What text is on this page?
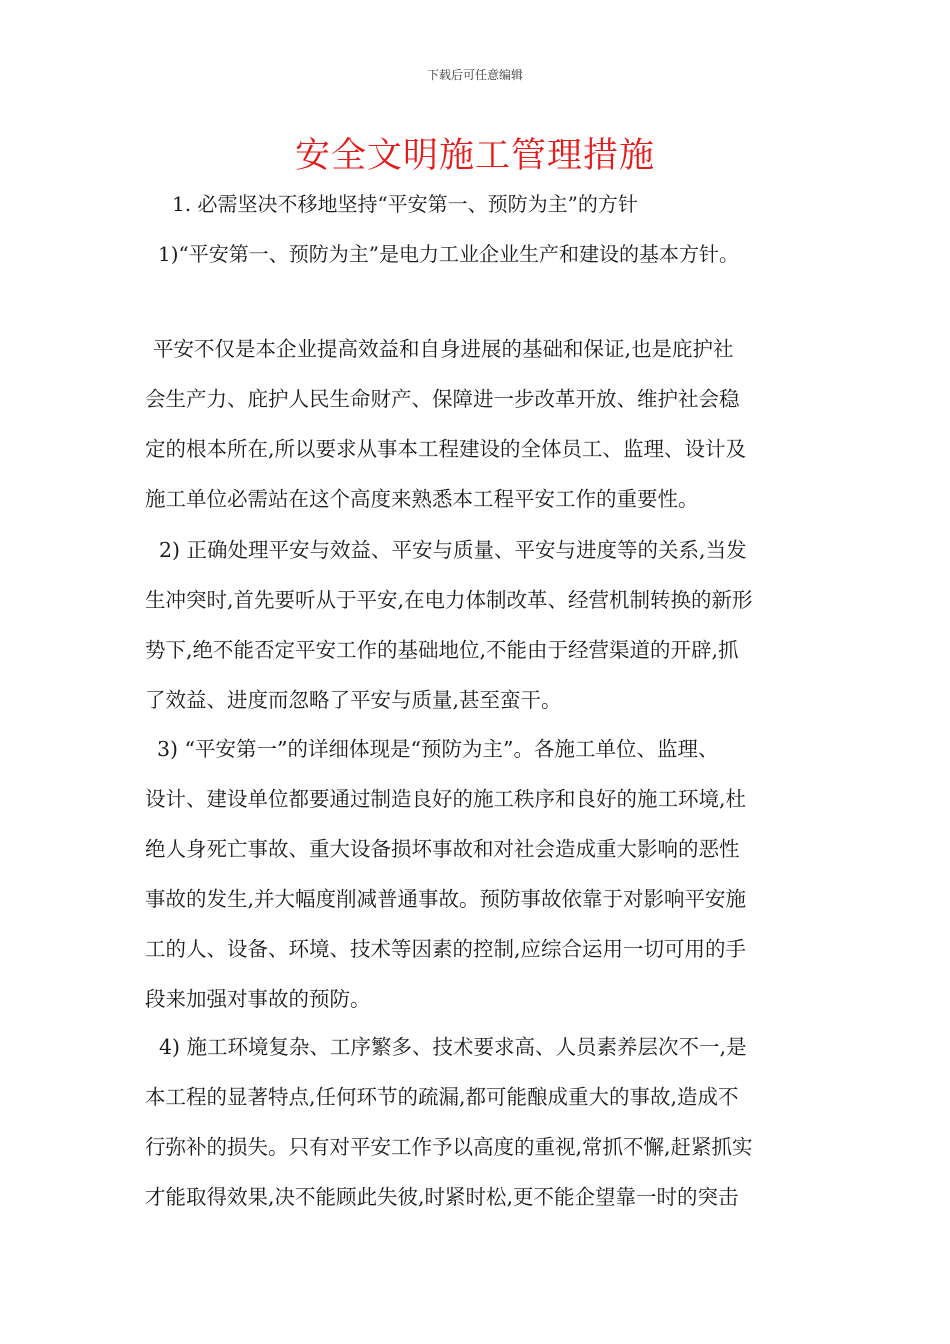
下载后可任意编辑
安全文明施工管理措施
1. 必需坚决不移地坚持“平安第一、预防为主”的方针
1)“平安第一、预防为主”是电力工业企业生产和建设的基本方针。

平安不仅是本企业提高效益和自身进展的基础和保证,也是庇护社
会生产力、庇护人民生命财产、保障进一步改革开放、维护社会稳
定的根本所在,所以要求从事本工程建设的全体员工、监理、设计及
施工单位必需站在这个高度来熟悉本工程平安工作的重要性。

2) 正确处理平安与效益、平安与质量、平安与进度等的关系,当发
生冲突时,首先要听从于平安,在电力体制改革、经营机制转换的新形
势下,绝不能否定平安工作的基础地位,不能由于经营渠道的开辟,抓
了效益、进度而忽略了平安与质量,甚至蛮干。

3) “平安第一”的详细体现是“预防为主”。各施工单位、监理、
设计、建设单位都要通过制造良好的施工秩序和良好的施工环境,杜
绝人身死亡事故、重大设备损坏事故和对社会造成重大影响的恶性
事故的发生,并大幅度削减普通事故。预防事故依靠于对影响平安施
工的人、设备、环境、技术等因素的控制,应综合运用一切可用的手
段来加强对事故的预防。

4) 施工环境复杂、工序繁多、技术要求高、人员素养层次不一,是
本工程的显著特点,任何环节的疏漏,都可能酿成重大的事故,造成不
行弥补的损失。只有对平安工作予以高度的重视,常抓不懈,赶紧抓实
才能取得效果,决不能顾此失彼,时紧时松,更不能企望靠一时的突击
